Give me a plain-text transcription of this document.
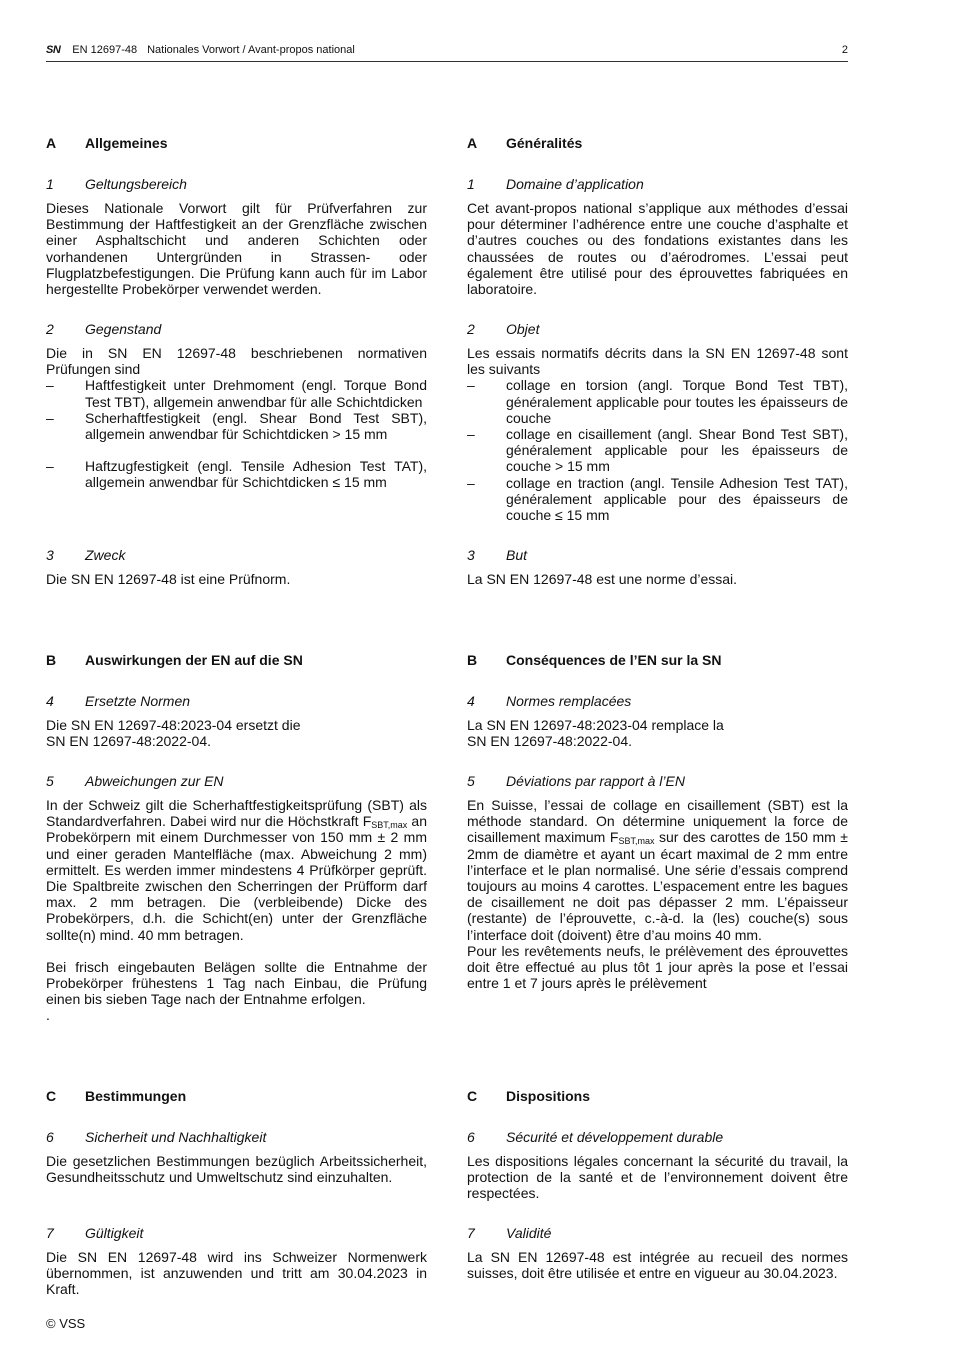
SN EN 12697-48 Nationales Vorwort / Avant-propos national	2
A Allgemeines
1 Geltungsbereich

Dieses Nationale Vorwort gilt für Prüfverfahren zur Bestimmung der Haftfestigkeit an der Grenzfläche zwischen einer Asphaltschicht und anderen Schichten oder vorhandenen Untergründen in Strassen- oder Flugplatzbefestigungen. Die Prüfung kann auch für im Labor hergestellte Probekörper verwendet werden.

2 Gegenstand

Die in SN EN 12697-48 beschriebenen normativen Prüfungen sind

– Haftfestigkeit unter Drehmoment (engl. Torque Bond Test TBT), allgemein anwendbar für alle Schichtdicken
– Scherhaftfestigkeit (engl. Shear Bond Test SBT), allgemein anwendbar für Schichtdicken > 15 mm
– Haftzugfestigkeit (engl. Tensile Adhesion Test TAT), allgemein anwendbar für Schichtdicken ≤ 15 mm
3 Zweck

Die SN EN 12697-48 ist eine Prüfnorm.

B Auswirkungen der EN auf die SN
4 Ersetzte Normen

Die SN EN 12697-48:2023-04 ersetzt die

SN EN 12697-48:2022-04.

5 Abweichungen zur EN

In der Schweiz gilt die Scherhaftfestigkeitsprüfung (SBT) als Standardverfahren. Dabei wird nur die Höchstkraft $F_{SBT,max}$ an Probekörpern mit einem Durchmesser von 150 mm ± 2 mm und einer geraden Mantelfläche (max. Abweichung 2 mm) ermittelt. Es werden immer mindestens 4 Prüfkörper geprüft. Die Spaltbreite zwischen den Scherringen der Prüfform darf max. 2 mm betragen. Die (verbleibende) Dicke des Probekörpers, d.h. die Schicht(en) unter der Grenzfläche sollte(n) mind. 40 mm betragen.

Bei frisch eingebauten Belägen sollte die Entnahme der Probekörper frühestens 1 Tag nach Einbau, die Prüfung einen bis sieben Tage nach der Entnahme erfolgen.

.

C Bestimmungen
6 Sicherheit und Nachhaltigkeit

Die gesetzlichen Bestimmungen bezüglich Arbeitssicherheit, Gesundheitsschutz und Umweltschutz sind einzuhalten.

7 Gültigkeit

Die SN EN 12697-48 wird ins Schweizer Normenwerk übernommen, ist anzuwenden und tritt am 30.04.2023 in Kraft.

A Généralités
1 Domaine d’application

Cet avant-propos national s’applique aux méthodes d’essai pour déterminer l’adhérence entre une couche d’asphalte et d’autres couches ou des fondations existantes dans les chaussées de routes ou d’aérodromes. L’essai peut également être utilisé pour des éprouvettes fabriquées en laboratoire.

2 Objet

Les essais normatifs décrits dans la SN EN 12697-48 sont les suivants

– collage en torsion (angl. Torque Bond Test TBT), généralement applicable pour toutes les épaisseurs de couche
– collage en cisaillement (angl. Shear Bond Test SBT), généralement applicable pour les épaisseurs de couche > 15 mm
– collage en traction (angl. Tensile Adhesion Test TAT), généralement applicable pour des épaisseurs de couche ≤ 15 mm
3 But

La SN EN 12697-48 est une norme d’essai.

B Conséquences de l’EN sur la SN
4 Normes remplacées

La SN EN 12697-48:2023-04 remplace la

SN EN 12697-48:2022-04.

5 Déviations par rapport à l’EN

En Suisse, l’essai de collage en cisaillement (SBT) est la méthode standard. On détermine uniquement la force de cisaillement maximum $F_{SBT,max}$ sur des carottes de 150 mm ± 2mm de diamètre et ayant un écart maximal de 2 mm entre l’interface et le plan normalisé. Une série d’essais comprend toujours au moins 4 carottes. L’espacement entre les bagues de cisaillement ne doit pas dépasser 2 mm. L’épaisseur (restante) de l’éprouvette, c.-à-d. la (les) couche(s) sous l’interface doit (doivent) être d’au moins 40 mm.

Pour les revêtements neufs, le prélèvement des éprouvettes doit être effectué au plus tôt 1 jour après la pose et l’essai entre 1 et 7 jours après le prélèvement

C Dispositions
6 Sécurité et développement durable

Les dispositions légales concernant la sécurité du travail, la protection de la santé et de l’environnement doivent être respectées.

7 Validité

La SN EN 12697-48 est intégrée au recueil des normes suisses, doit être utilisée et entre en vigueur au 30.04.2023.

© VSS
